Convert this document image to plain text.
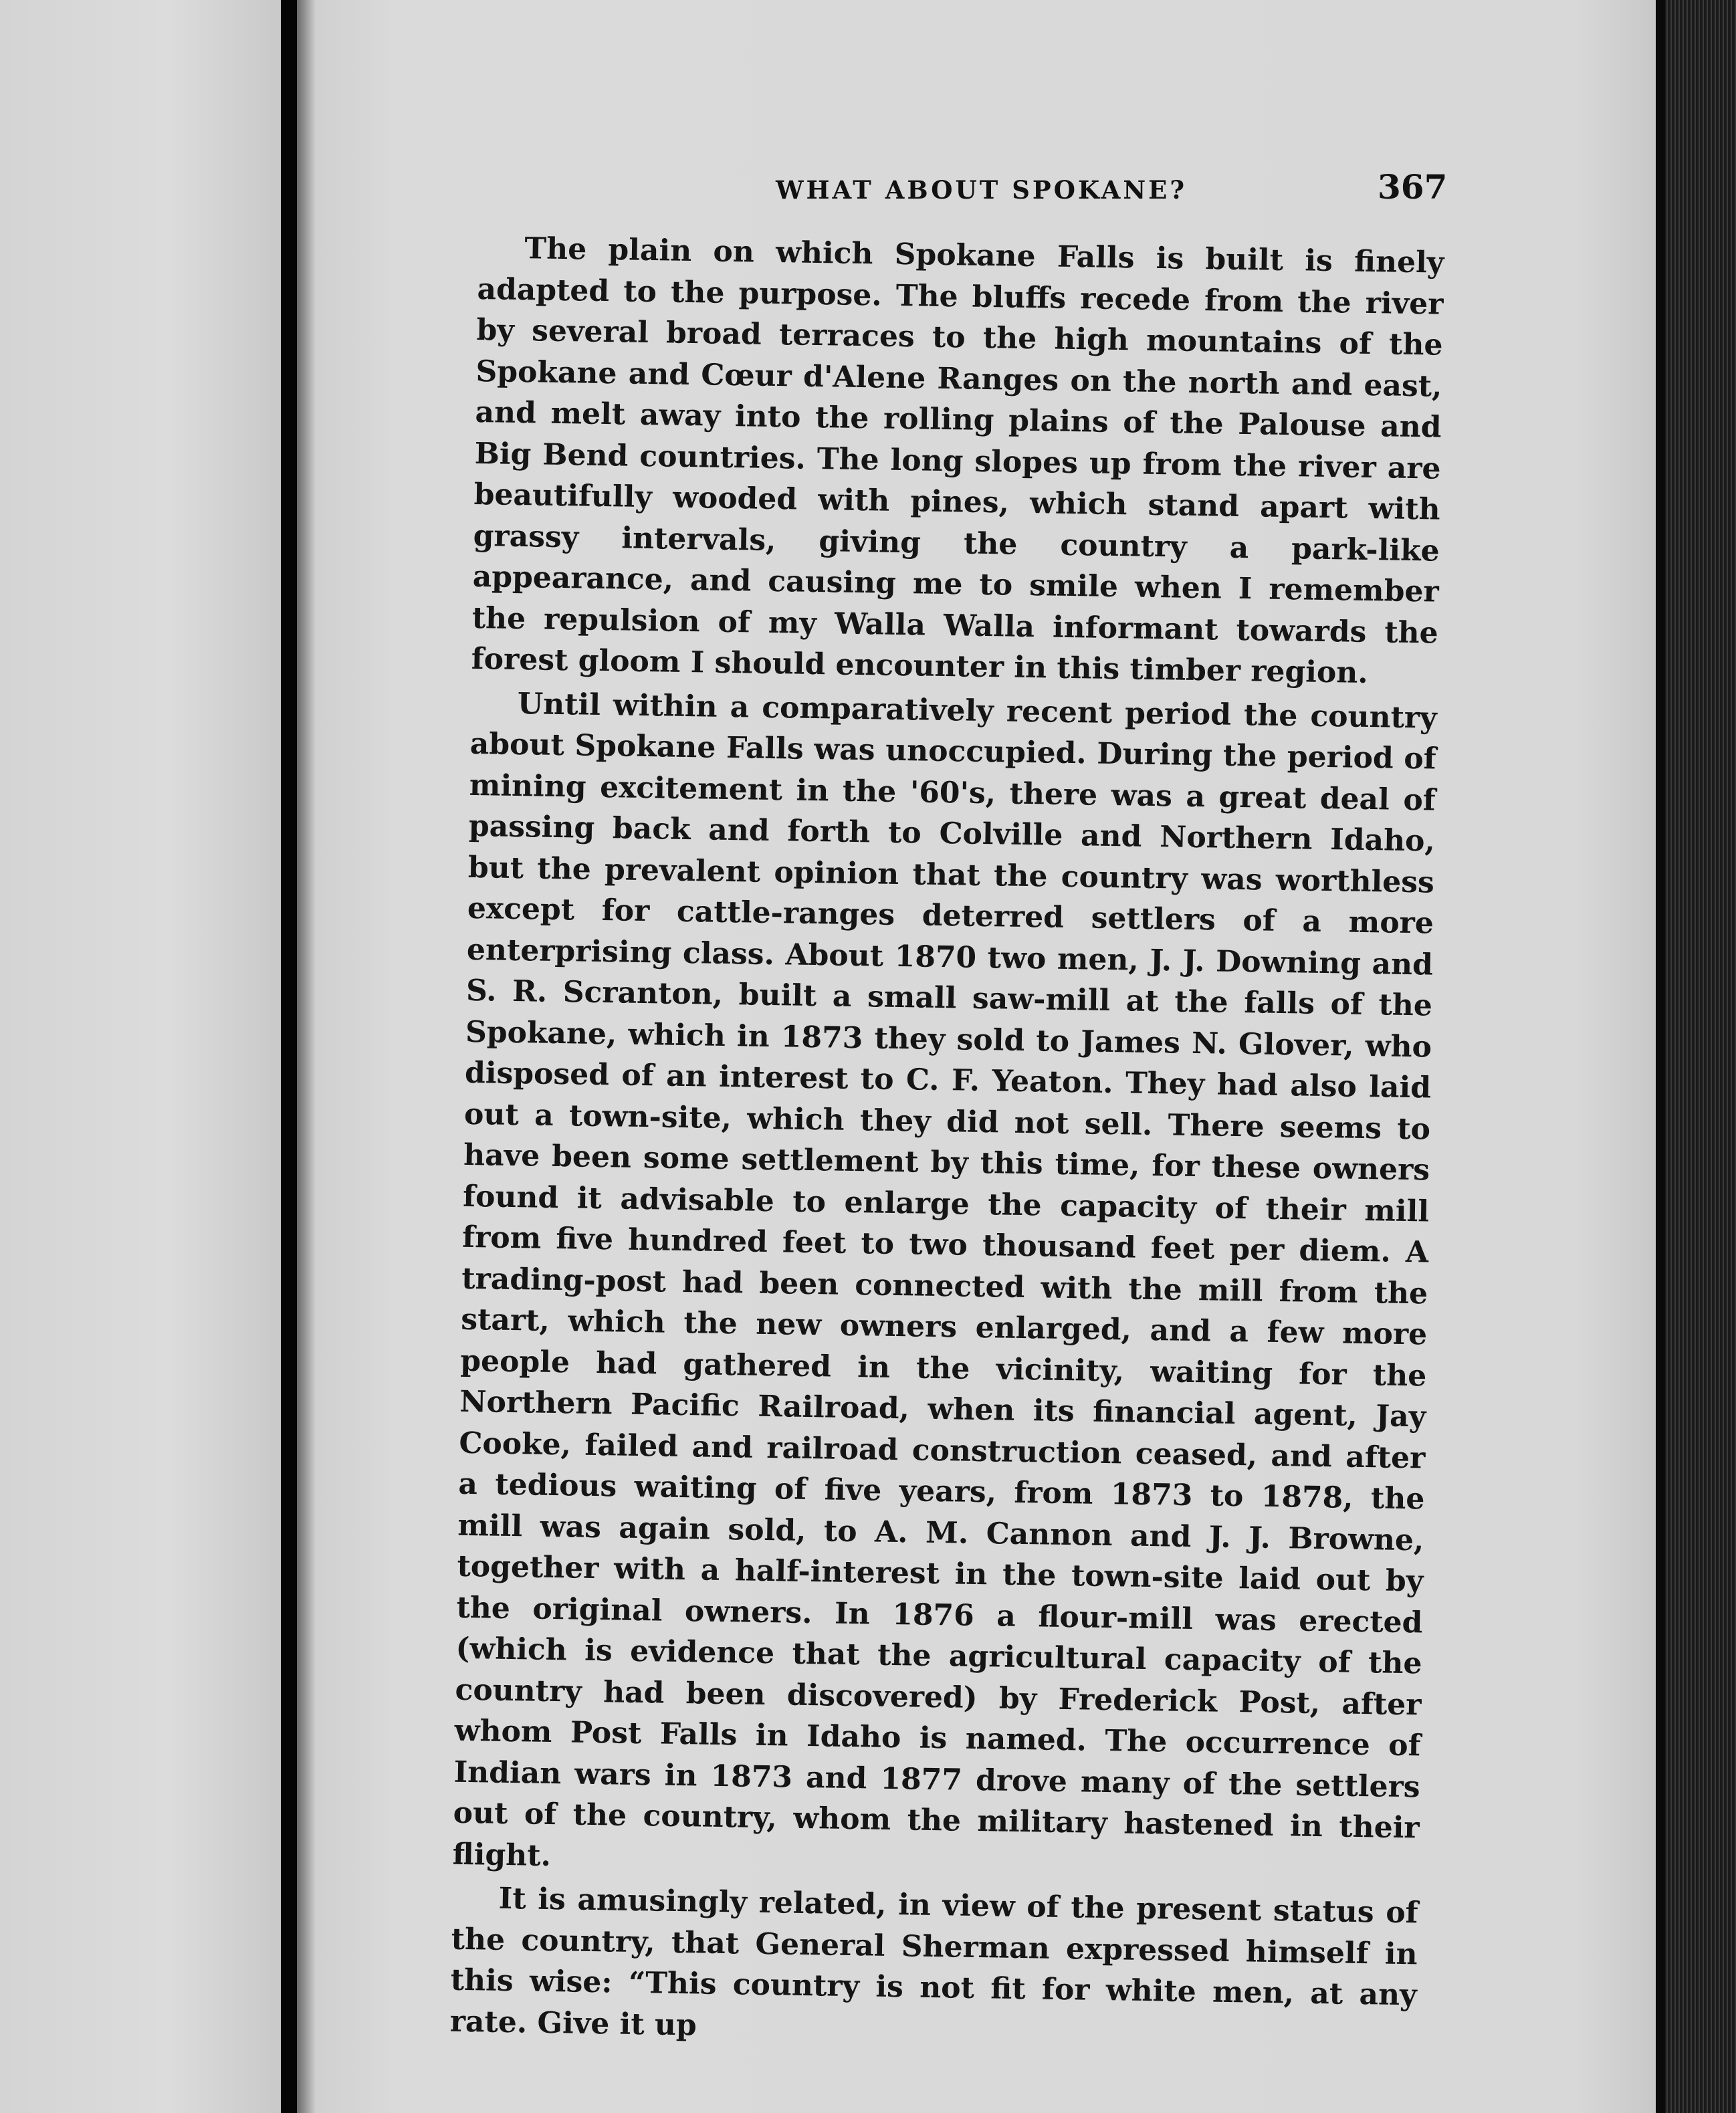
WHAT ABOUT SPOKANE?	367

The plain on which Spokane Falls is built is finely adapted to the purpose. The bluffs recede from the river by several broad terraces to the high mountains of the Spokane and Cœur d'Alene Ranges on the north and east, and melt away into the rolling plains of the Palouse and Big Bend countries. The long slopes up from the river are beautifully wooded with pines, which stand apart with grassy intervals, giving the country a park-like appearance, and causing me to smile when I remember the repulsion of my Walla Walla informant towards the forest gloom I should encounter in this timber region.

Until within a comparatively recent period the country about Spokane Falls was unoccupied. During the period of mining excitement in the '60's, there was a great deal of passing back and forth to Colville and Northern Idaho, but the prevalent opinion that the country was worthless except for cattle-ranges deterred settlers of a more enterprising class. About 1870 two men, J. J. Downing and S. R. Scranton, built a small saw-mill at the falls of the Spokane, which in 1873 they sold to James N. Glover, who disposed of an interest to C. F. Yeaton. They had also laid out a town-site, which they did not sell. There seems to have been some settlement by this time, for these owners found it advisable to enlarge the capacity of their mill from five hundred feet to two thousand feet per diem. A trading-post had been connected with the mill from the start, which the new owners enlarged, and a few more people had gathered in the vicinity, waiting for the Northern Pacific Railroad, when its financial agent, Jay Cooke, failed and railroad construction ceased, and after a tedious waiting of five years, from 1873 to 1878, the mill was again sold, to A. M. Cannon and J. J. Browne, together with a half-interest in the town-site laid out by the original owners. In 1876 a flour-mill was erected (which is evidence that the agricultural capacity of the country had been discovered) by Frederick Post, after whom Post Falls in Idaho is named. The occurrence of Indian wars in 1873 and 1877 drove many of the settlers out of the country, whom the military hastened in their flight.

It is amusingly related, in view of the present status of the country, that General Sherman expressed himself in this wise: “This country is not fit for white men, at any rate. Give it up
